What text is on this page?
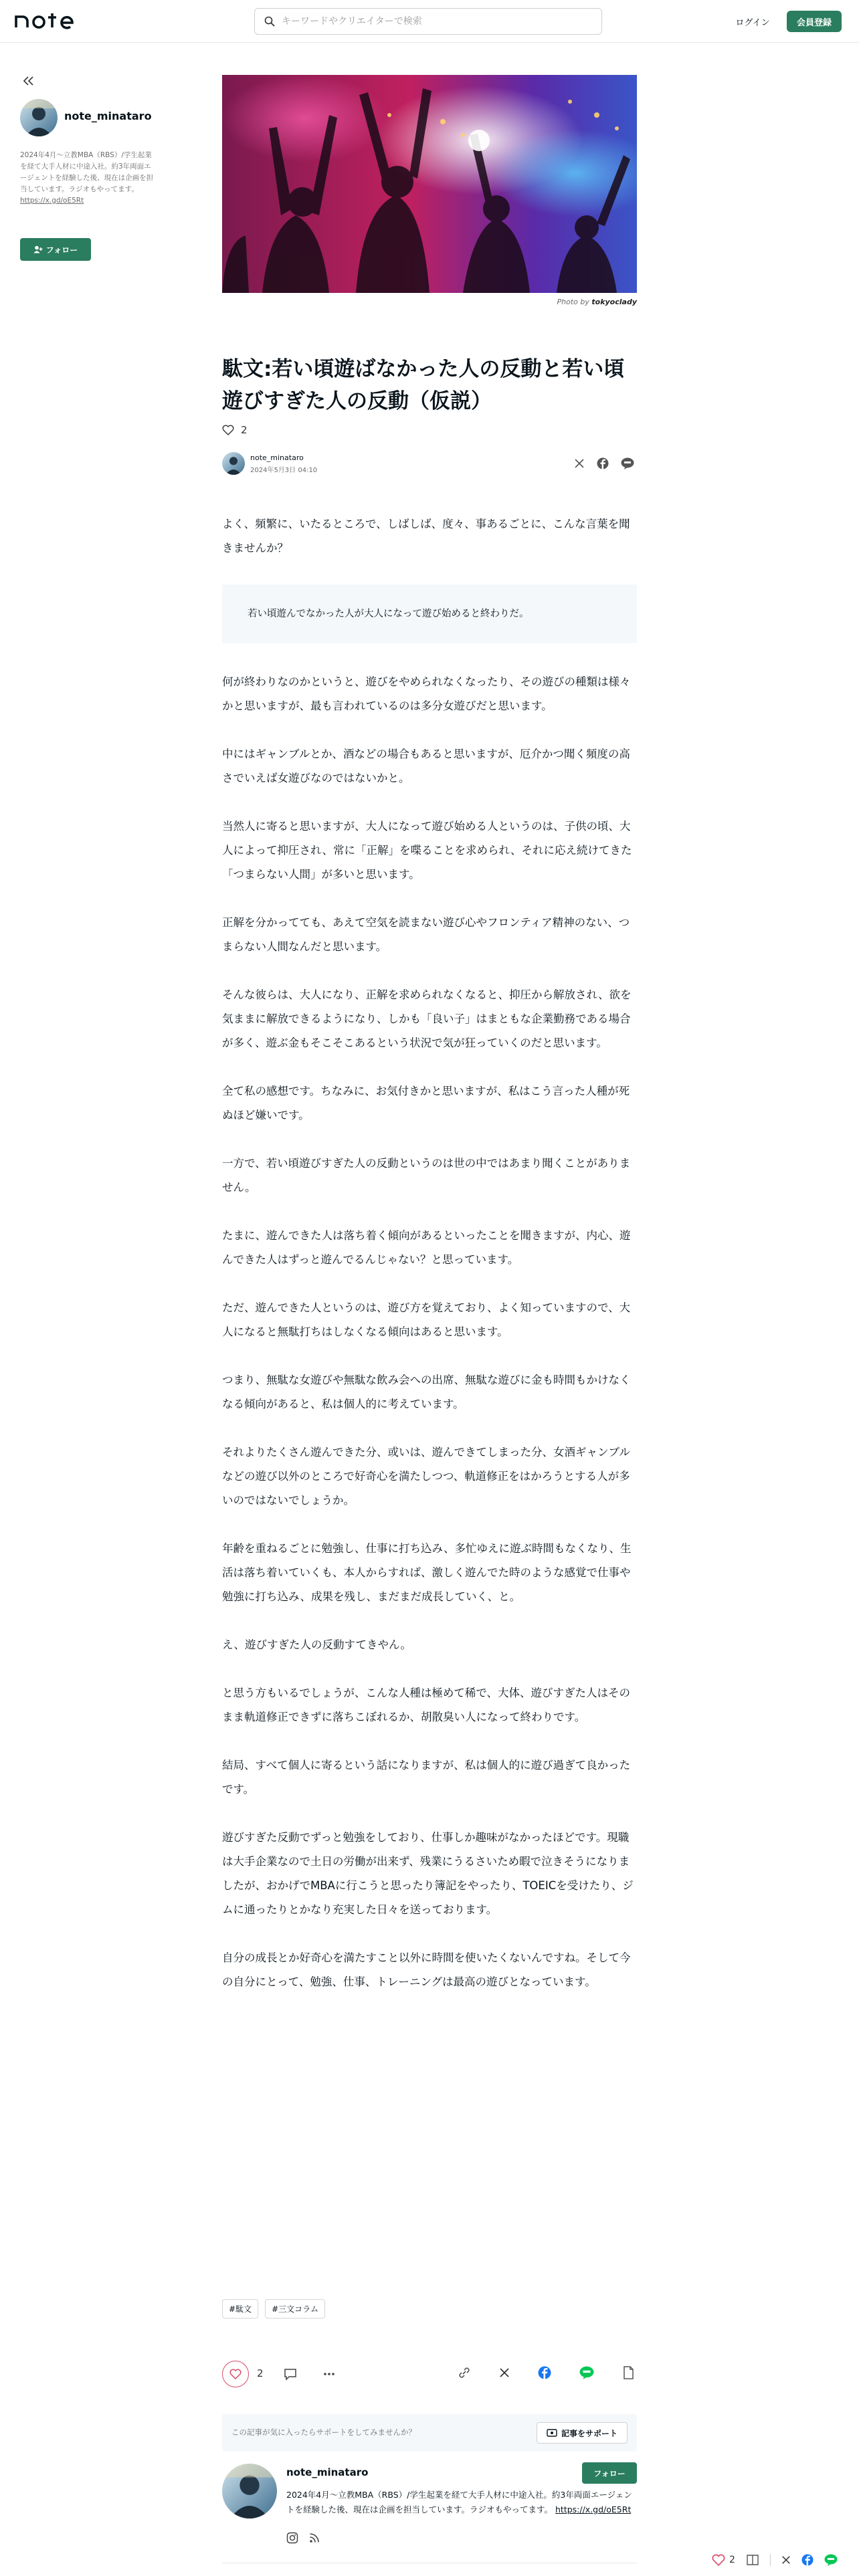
キーワードやクリエイターで検索
ログイン	会員登録
note_minataro
2024年4月〜立教MBA（RBS）/学生起業を経て大手人材に中途入社。約3年両面エージェントを経験した後、現在は企画を担当しています。ラジオもやってます。
https://x.gd/oE5Rt
フォロー
Photo by tokyoclady
駄文:若い頃遊ばなかった人の反動と若い頃遊びすぎた人の反動（仮説）
2
note_minataro
2024年5月3日 04:10

よく、頻繁に、いたるところで、しばしば、度々、事あるごとに、こんな言葉を聞きませんか？

若い頃遊んでなかった人が大人になって遊び始めると終わりだ。

何が終わりなのかというと、遊びをやめられなくなったり、その遊びの種類は様々かと思いますが、最も言われているのは多分女遊びだと思います。

中にはギャンブルとか、酒などの場合もあると思いますが、厄介かつ聞く頻度の高さでいえば女遊びなのではないかと。

当然人に寄ると思いますが、大人になって遊び始める人というのは、子供の頃、大人によって抑圧され、常に「正解」を喋ることを求められ、それに応え続けてきた「つまらない人間」が多いと思います。

正解を分かってても、あえて空気を読まない遊び心やフロンティア精神のない、つまらない人間なんだと思います。

そんな彼らは、大人になり、正解を求められなくなると、抑圧から解放され、欲を気ままに解放できるようになり、しかも「良い子」はまともな企業勤務である場合が多く、遊ぶ金もそこそこあるという状況で気が狂っていくのだと思います。

全て私の感想です。ちなみに、お気付きかと思いますが、私はこう言った人種が死ぬほど嫌いです。

一方で、若い頃遊びすぎた人の反動というのは世の中ではあまり聞くことがありません。

たまに、遊んできた人は落ち着く傾向があるといったことを聞きますが、内心、遊んできた人はずっと遊んでるんじゃない？と思っています。

ただ、遊んできた人というのは、遊び方を覚えており、よく知っていますので、大人になると無駄打ちはしなくなる傾向はあると思います。

つまり、無駄な女遊びや無駄な飲み会への出席、無駄な遊びに金も時間もかけなくなる傾向があると、私は個人的に考えています。

それよりたくさん遊んできた分、或いは、遊んできてしまった分、女酒ギャンブルなどの遊び以外のところで好奇心を満たしつつ、軌道修正をはかろうとする人が多いのではないでしょうか。

年齢を重ねるごとに勉強し、仕事に打ち込み、多忙ゆえに遊ぶ時間もなくなり、生活は落ち着いていくも、本人からすれば、激しく遊んでた時のような感覚で仕事や勉強に打ち込み、成果を残し、まだまだ成長していく、と。

え、遊びすぎた人の反動すてきやん。

と思う方もいるでしょうが、こんな人種は極めて稀で、大体、遊びすぎた人はそのまま軌道修正できずに落ちこぼれるか、胡散臭い人になって終わりです。

結局、すべて個人に寄るという話になりますが、私は個人的に遊び過ぎて良かったです。

遊びすぎた反動でずっと勉強をしており、仕事しか趣味がなかったほどです。現職は大手企業なので土日の労働が出来ず、残業にうるさいため暇で泣きそうになりましたが、おかげでMBAに行こうと思ったり簿記をやったり、TOEICを受けたり、ジムに通ったりとかなり充実した日々を送っております。

自分の成長とか好奇心を満たすこと以外に時間を使いたくないんですね。そして今の自分にとって、勉強、仕事、トレーニングは最高の遊びとなっています。

#駄文	#三文コラム
2
この記事が気に入ったらサポートをしてみませんか？	記事をサポート
note_minataro	フォロー
2024年4月〜立教MBA（RBS）/学生起業を経て大手人材に中途入社。約3年両面エージェントを経験した後、現在は企画を担当しています。ラジオもやってます。 https://x.gd/oE5Rt
2
